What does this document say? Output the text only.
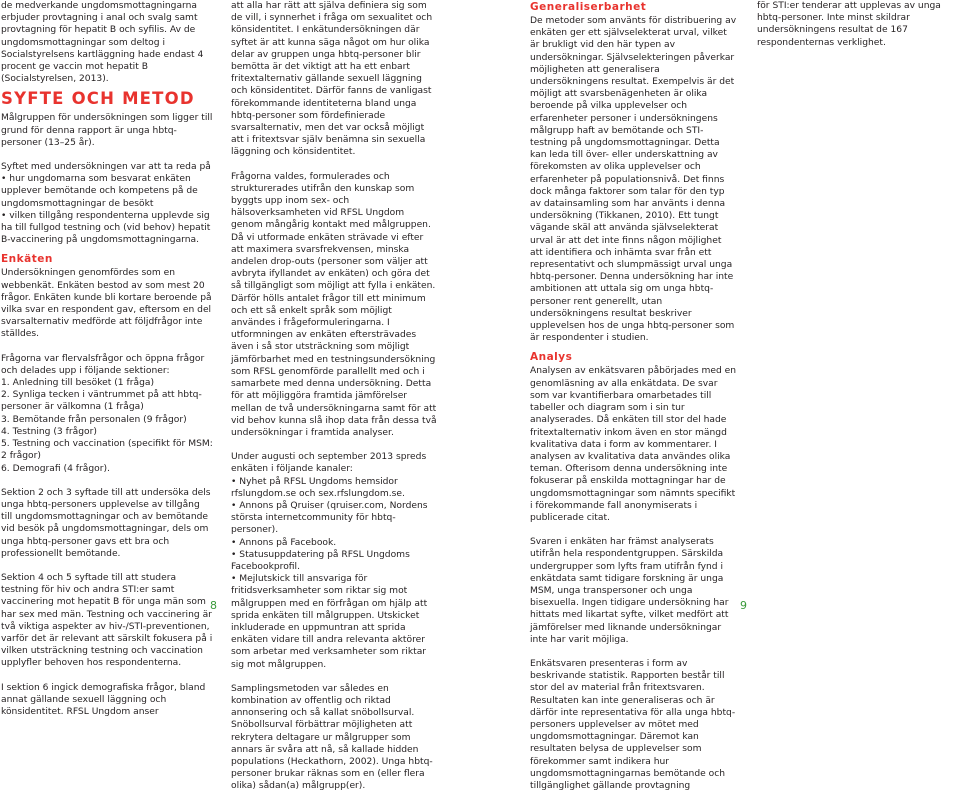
de medverkande ungdomsmottagningarna erbjuder provtagning i anal och svalg samt provtagning för hepatit B och syfilis. Av de ungdomsmottagningar som deltog i Socialstyrelsens kartläggning hade endast 4 procent ge vaccin mot hepatit B (Socialstyrelsen, 2013).

SYFTE OCH METOD

Målgruppen för undersökningen som ligger till grund för denna rapport är unga hbtq-personer (13–25 år).

Syftet med undersökningen var att ta reda på

• hur ungdomarna som besvarat enkäten upplever bemötande och kompetens på de ungdomsmottagningar de besökt
• vilken tillgång respondenterna upplevde sig ha till fullgod testning och (vid behov) hepatit B-vaccinering på ungdomsmottagningarna.
Enkäten

Undersökningen genomfördes som en webbenkät. Enkäten bestod av som mest 20 frågor. Enkäten kunde bli kortare beroende på vilka svar en respondent gav, eftersom en del svarsalternativ medförde att följdfrågor inte ställdes.

Frågorna var flervalsfrågor och öppna frågor och delades upp i följande sektioner:

1. Anledning till besöket (1 fråga)
2. Synliga tecken i väntrummet på att hbtq-personer är välkomna (1 fråga)
3. Bemötande från personalen (9 frågor)
4. Testning (3 frågor)
5. Testning och vaccination (specifikt för MSM: 2 frågor)
6. Demografi (4 frågor).

Sektion 2 och 3 syftade till att undersöka dels unga hbtq-personers upplevelse av tillgång till ungdomsmottagningar och av bemötande vid besök på ungdomsmottagningar, dels om unga hbtq-personer gavs ett bra och professionellt bemötande.

Sektion 4 och 5 syftade till att studera testning för hiv och andra STI:er samt vaccinering mot hepatit B för unga män som har sex med män. Testning och vaccinering är två viktiga aspekter av hiv-/STI-preventionen, varför det är relevant att särskilt fokusera på i vilken utsträckning testning och vaccination upplyfler behoven hos respondenterna.

I sektion 6 ingick demografiska frågor, bland annat gällande sexuell läggning och könsidentitet. RFSL Ungdom anser

att alla har rätt att själva definiera sig som de vill, i synnerhet i fråga om sexualitet och könsidentitet. I enkätundersökningen där syftet är att kunna säga något om hur olika delar av gruppen unga hbtq-personer blir bemötta är det viktigt att ha ett enbart fritextalternativ gällande sexuell läggning och könsidentitet. Därför fanns de vanligast förekommande identiteterna bland unga hbtq-personer som fördefinierade svarsalternativ, men det var också möjligt att i fritextsvar själv benämna sin sexuella läggning och könsidentitet.

Frågorna valdes, formulerades och strukturerades utifrån den kunskap som byggts upp inom sex- och hälsoverksamheten vid RFSL Ungdom genom mångårig kontakt med målgruppen. Då vi utformade enkäten strävade vi efter att maximera svarsfrekvensen, minska andelen drop-outs (personer som väljer att avbryta ifyllandet av enkäten) och göra det så tillgängligt som möjligt att fylla i enkäten. Därför hölls antalet frågor till ett minimum och ett så enkelt språk som möjligt användes i frågeformuleringarna. I utformningen av enkäten eftersträvades även i så stor utsträckning som möjligt jämförbarhet med en testningsundersökning som RFSL genomförde parallellt med och i samarbete med denna undersökning. Detta för att möjliggöra framtida jämförelser mellan de två undersökningarna samt för att vid behov kunna slå ihop data från dessa två undersökningar i framtida analyser.

Under augusti och september 2013 spreds enkäten i följande kanaler:

• Nyhet på RFSL Ungdoms hemsidor rfslungdom.se och sex.rfslungdom.se.
• Annons på Qruiser (qruiser.com, Nordens största internetcommunity för hbtq-personer).
• Annons på Facebook.
• Statusuppdatering på RFSL Ungdoms Facebookprofil.
• Mejlutskick till ansvariga för fritidsverksamheter som riktar sig mot målgruppen med en förfrågan om hjälp att sprida enkäten till målgruppen. Utskicket inkluderade en uppmuntran att sprida enkäten vidare till andra relevanta aktörer som arbetar med verksamheter som riktar sig mot målgruppen.

Samplingsmetoden var således en kombination av offentlig och riktad annonsering och så kallat snöbollsurval. Snöbollsurval förbättrar möjligheten att rekrytera deltagare ur målgrupper som annars är svåra att nå, så kallade hidden populations (Heckathorn, 2002). Unga hbtq-personer brukar räknas som en (eller flera olika) sådan(a) målgrupp(er).

Generaliserbarhet

De metoder som använts för distribuering av enkäten ger ett självselekterat urval, vilket är brukligt vid den här typen av undersökningar. Självselekteringen påverkar möjligheten att generalisera undersökningens resultat. Exempelvis är det möjligt att svarsbenägenheten är olika beroende på vilka upplevelser och erfarenheter personer i undersökningens målgrupp haft av bemötande och STI-testning på ungdomsmottagningar. Detta kan leda till över- eller underskattning av förekomsten av olika upplevelser och erfarenheter på populationsnivå. Det finns dock många faktorer som talar för den typ av datainsamling som har använts i denna undersökning (Tikkanen, 2010). Ett tungt vägande skäl att använda självselekterat urval är att det inte finns någon möjlighet att identifiera och inhämta svar från ett representativt och slumpmässigt urval unga hbtq-personer. Denna undersökning har inte ambitionen att uttala sig om unga hbtq-personer rent generellt, utan undersökningens resultat beskriver upplevelsen hos de unga hbtq-personer som är respondenter i studien.

Analys

Analysen av enkätsvaren påbörjades med en genomläsning av alla enkätdata. De svar som var kvantifierbara omarbetades till tabeller och diagram som i sin tur analyserades. Då enkäten till stor del hade fritextalternativ inkom även en stor mängd kvalitativa data i form av kommentarer. I analysen av kvalitativa data användes olika teman. Ofterisom denna undersökning inte fokuserar på enskilda mottagningar har de ungdomsmottagningar som nämnts specifikt i förekommande fall anonymiserats i publicerade citat.

Svaren i enkäten har främst analyserats utifrån hela respondentgruppen. Särskilda undergrupper som lyfts fram utifrån fynd i enkätdata samt tidigare forskning är unga MSM, unga transpersoner och unga bisexuella. Ingen tidigare undersökning har hittats med likartat syfte, vilket medfört att jämförelser med liknande undersökningar inte har varit möjliga.

Enkätsvaren presenteras i form av beskrivande statistik. Rapporten består till stor del av material från fritextsvaren. Resultaten kan inte generaliseras och är därför inte representativa för alla unga hbtq-personers upplevelser av mötet med ungdomsmottagningar. Däremot kan resultaten belysa de upplevelser som förekommer samt indikera hur ungdomsmottagningarnas bemötande och tillgänglighet gällande provtagning

för STI:er tenderar att upplevas av unga hbtq-personer. Inte minst skildrar undersökningens resultat de 167 respondenternas verklighet.

8	9
